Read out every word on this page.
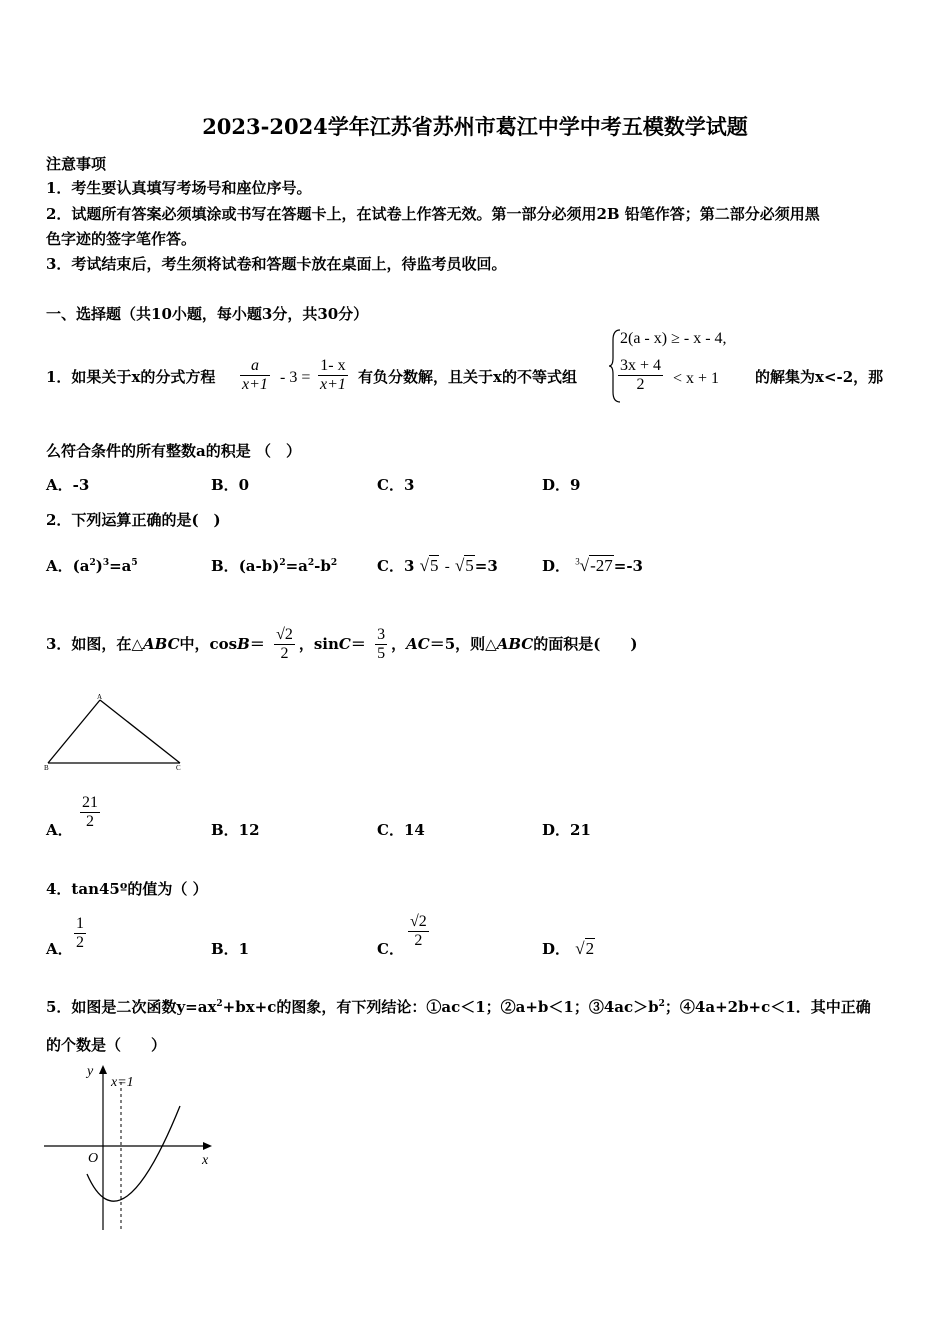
2023-2024学年江苏省苏州市葛江中学中考五模数学试题
注意事项
1．考生要认真填写考场号和座位序号。
2．试题所有答案必须填涂或书写在答题卡上，在试卷上作答无效。第一部分必须用2B 铅笔作答；第二部分必须用黑
色字迹的签字笔作答。
3．考试结束后，考生须将试卷和答题卡放在桌面上，待监考员收回。
一、选择题（共10小题，每小题3分，共30分）
1．如果关于x的分式方程 $\frac{a}{x+1} - 3 = \frac{1- x}{x+1}$ 有负分数解，且关于x的不等式组
2(a - x) ≥ - x - 4,
$\frac{3x + 4}{2} < x + 1$ 的解集为x<-2，那
么符合条件的所有整数a的积是 （　）
A．-3	B．0	C．3	D．9
2．下列运算正确的是(　)
A．$(a^2)^3=a^5$	B．$(a-b)^2=a^2-b^2$	C．3 √5 - √5=3	D． $^3$√-27=-3
3．如图，在△ABC中，$\cos B= \frac{√2}{2}$ ，$\sin C= \frac{3}{5}$ ，AC＝5，则△ABC的面积是(　　)
A
B	C
A． $\frac{21}{2}$	B．12	C．14	D．21
4．tan45º的值为（ ）
A． $\frac{1}{2}$	B．1	C． $\frac{√2}{2}$	D． √2
5．如图是二次函数$y=ax^2+bx+c$的图象，有下列结论：①ac＜1；②a+b＜1；$③4ac>b^2$；④4a+2b+c＜1．其中正确
的个数是（　　）
y
x=1
O	x
